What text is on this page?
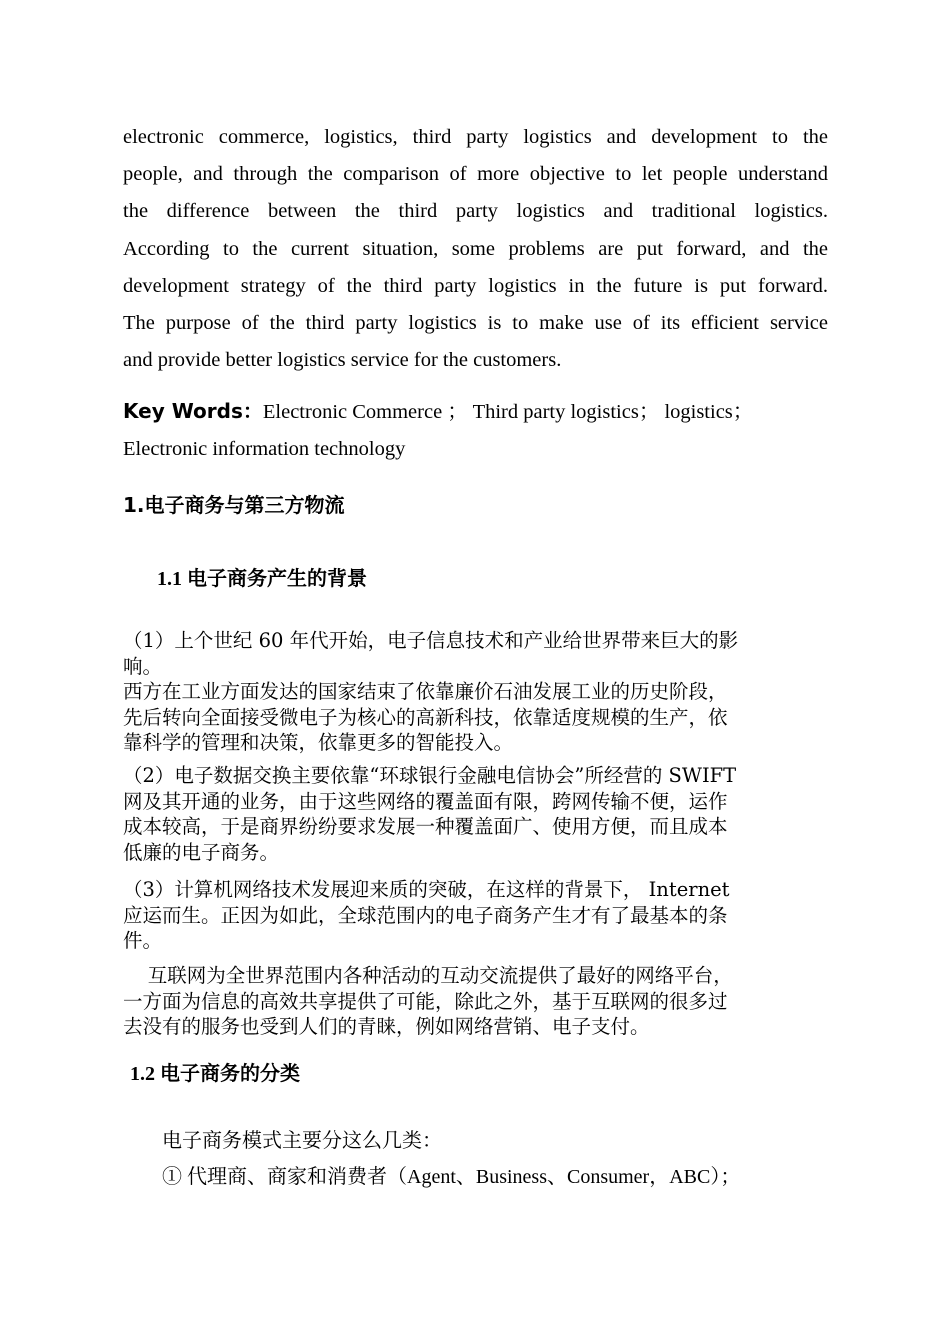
electronic commerce, logistics, third party logistics and development to the
people, and through the comparison of more objective to let people understand
the difference between the third party logistics and traditional logistics.
According to the current situation, some problems are put forward, and the
development strategy of the third party logistics in the future is put forward.
The purpose of the third party logistics is to make use of its efficient service
and provide better logistics service for the customers.
Key Words：Electronic Commerce ； Third party logistics； logistics；
Electronic information technology
1.电子商务与第三方物流
1.1 电子商务产生的背景
（1）上个世纪 60 年代开始，电子信息技术和产业给世界带来巨大的影
响。
西方在工业方面发达的国家结束了依靠廉价石油发展工业的历史阶段，
先后转向全面接受微电子为核心的高新科技，依靠适度规模的生产，依
靠科学的管理和决策，依靠更多的智能投入。
（2）电子数据交换主要依靠“环球银行金融电信协会”所经营的 SWIFT
网及其开通的业务，由于这些网络的覆盖面有限，跨网传输不便，运作
成本较高，于是商界纷纷要求发展一种覆盖面广、使用方便，而且成本
低廉的电子商务。
（3）计算机网络技术发展迎来质的突破，在这样的背景下， Internet
应运而生。正因为如此，全球范围内的电子商务产生才有了最基本的条
件。
互联网为全世界范围内各种活动的互动交流提供了最好的网络平台，
一方面为信息的高效共享提供了可能，除此之外，基于互联网的很多过
去没有的服务也受到人们的青睐，例如网络营销、电子支付。
1.2 电子商务的分类
电子商务模式主要分这么几类：
① 代理商、商家和消费者（Agent、Business、Consumer，ABC）；
